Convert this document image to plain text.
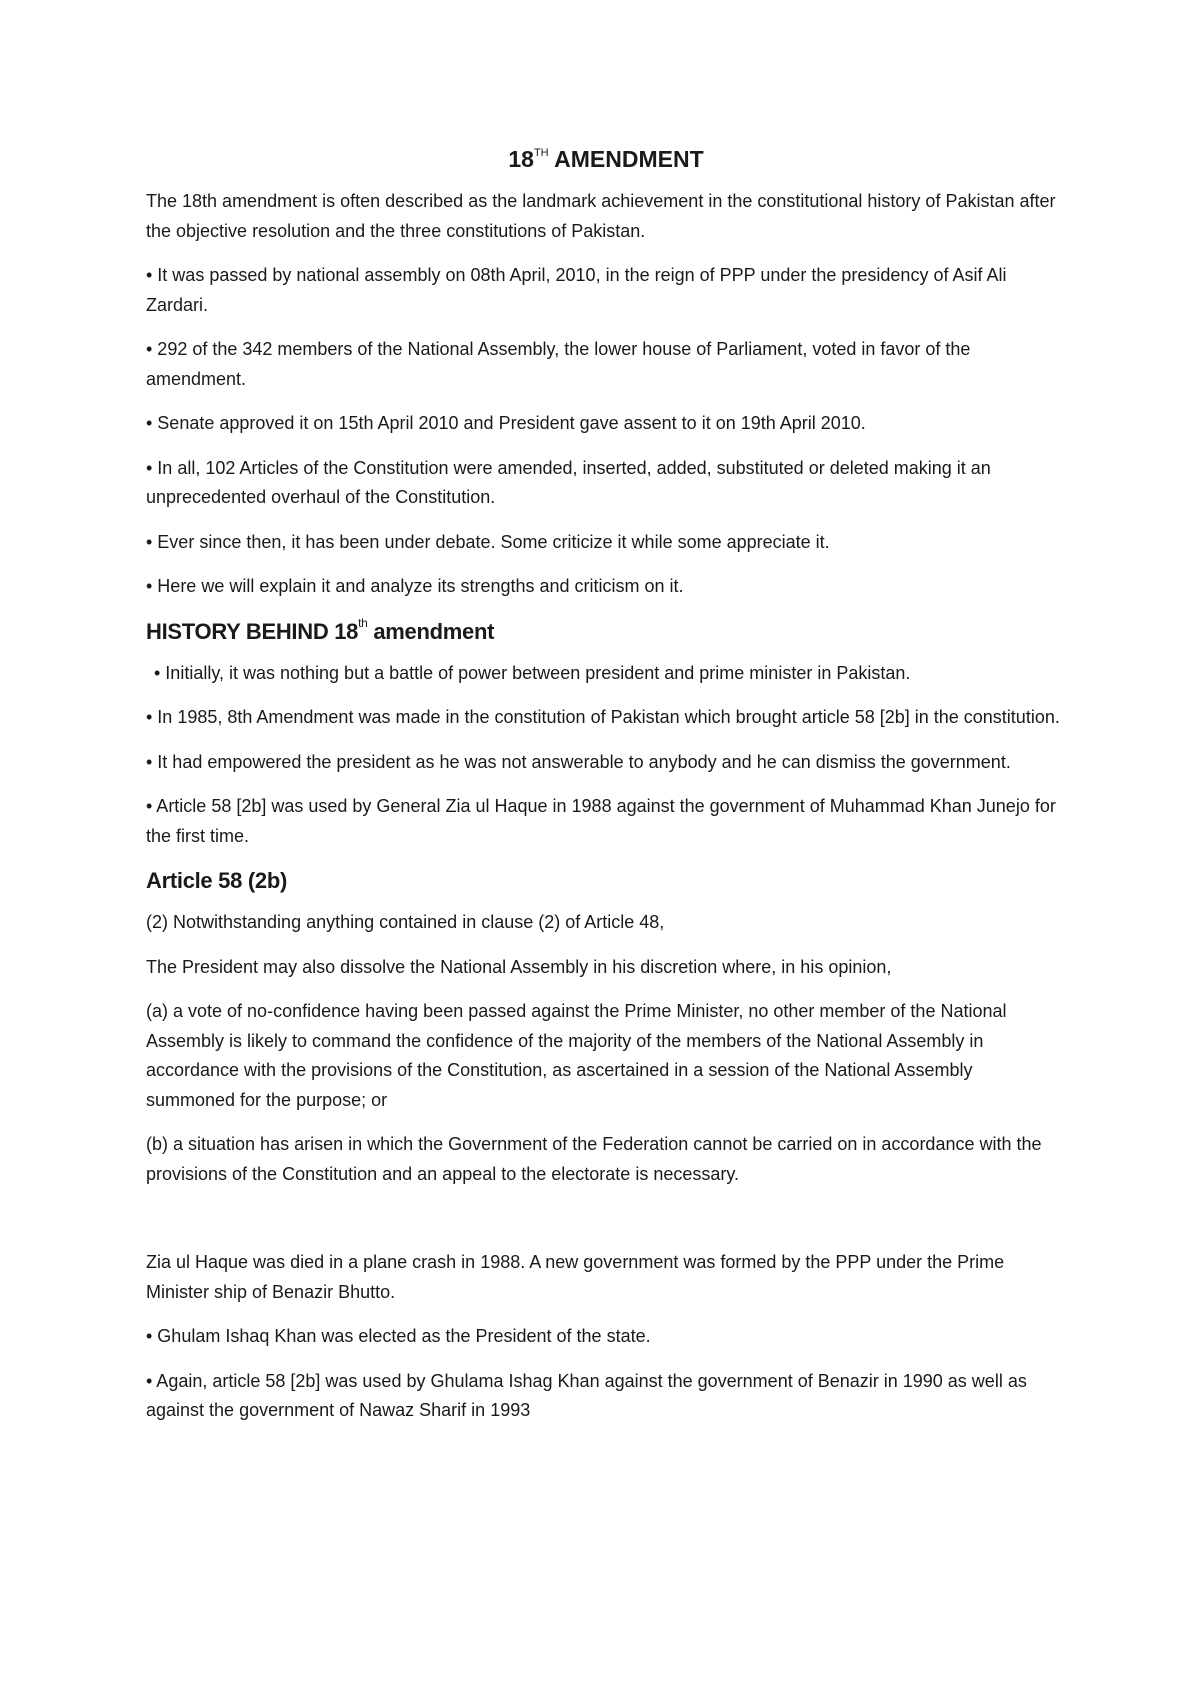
18TH AMENDMENT

The 18th amendment is often described as the landmark achievement in the constitutional history of Pakistan after the objective resolution and the three constitutions of Pakistan.

• It was passed by national assembly on 08th April, 2010, in the reign of PPP under the presidency of Asif Ali Zardari.

• 292 of the 342 members of the National Assembly, the lower house of Parliament, voted in favor of the amendment.

• Senate approved it on 15th April 2010 and President gave assent to it on 19th April 2010.

• In all, 102 Articles of the Constitution were amended, inserted, added, substituted or deleted making it an unprecedented overhaul of the Constitution.

• Ever since then, it has been under debate. Some criticize it while some appreciate it.

• Here we will explain it and analyze its strengths and criticism on it.

HISTORY BEHIND 18th amendment

• Initially, it was nothing but a battle of power between president and prime minister in Pakistan.

• In 1985, 8th Amendment was made in the constitution of Pakistan which brought article 58 [2b] in the constitution.

• It had empowered the president as he was not answerable to anybody and he can dismiss the government.

• Article 58 [2b] was used by General Zia ul Haque in 1988 against the government of Muhammad Khan Junejo for the first time.

Article 58 (2b)

(2) Notwithstanding anything contained in clause (2) of Article 48,

The President may also dissolve the National Assembly in his discretion where, in his opinion,

(a) a vote of no-confidence having been passed against the Prime Minister, no other member of the National Assembly is likely to command the confidence of the majority of the members of the National Assembly in accordance with the provisions of the Constitution, as ascertained in a session of the National Assembly summoned for the purpose; or

(b) a situation has arisen in which the Government of the Federation cannot be carried on in accordance with the provisions of the Constitution and an appeal to the electorate is necessary.

Zia ul Haque was died in a plane crash in 1988. A new government was formed by the PPP under the Prime Minister ship of Benazir Bhutto.

• Ghulam Ishaq Khan was elected as the President of the state.

• Again, article 58 [2b] was used by Ghulama Ishag Khan against the government of Benazir in 1990 as well as against the government of Nawaz Sharif in 1993
